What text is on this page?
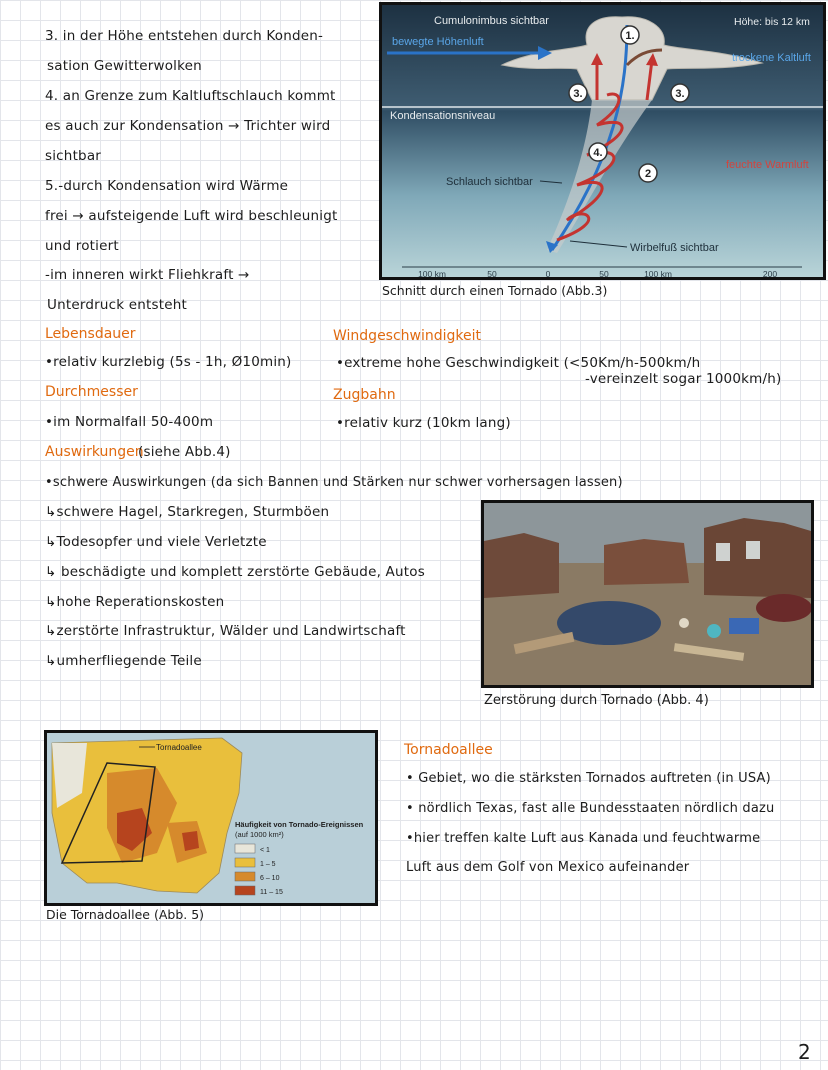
3. in der Höhe entstehen durch Konden-
sation Gewitterwolken
4. an Grenze zum Kaltluftschlauch kommt
es auch zur Kondensation → Trichter wird
sichtbar
5.-durch Kondensation wird Wärme
frei → aufsteigende Luft wird beschleunigt
und rotiert
-im inneren wirkt Fliehkraft →
Unterdruck entsteht
1.
2
3.	3.
4.
Cumulonimbus sichtbar	Höhe: bis 12 km
bewegte Höhenluft
trockene Kaltluft
Kondensationsniveau
feuchte Warmluft
Schlauch sichtbar
Wirbelfuß sichtbar
100 km	50	0	50	100 km	200
Schnitt durch einen Tornado (Abb.3)
Lebensdauer
•relativ kurzlebig (5s - 1h, Ø10min)
Windgeschwindigkeit
•extreme hohe Geschwindigkeit (<50Km/h-500km/h
-vereinzelt sogar 1000km/h)
Durchmesser
•im Normalfall 50-400m
Zugbahn
•relativ kurz (10km lang)
Auswirkungen
(siehe Abb.4)
•schwere Auswirkungen (da sich Bannen und Stärken nur schwer vorhersagen lassen)
↳schwere Hagel, Starkregen, Sturmböen
↳Todesopfer und viele Verletzte
↳ beschädigte und komplett zerstörte Gebäude, Autos
↳hohe Reperationskosten
↳zerstörte Infrastruktur, Wälder und Landwirtschaft
↳umherfliegende Teile
Zerstörung durch Tornado (Abb. 4)
Tornadoallee
Häufigkeit von Tornado-Ereignissen
(auf 1000 km²)
< 1
1 – 5
6 – 10
11 – 15
Die Tornadoallee (Abb. 5)
Tornadoallee
• Gebiet, wo die stärksten Tornados auftreten (in USA)
• nördlich Texas, fast alle Bundesstaaten nördlich dazu
•hier treffen kalte Luft aus Kanada und feuchtwarme
Luft aus dem Golf von Mexico aufeinander
2
